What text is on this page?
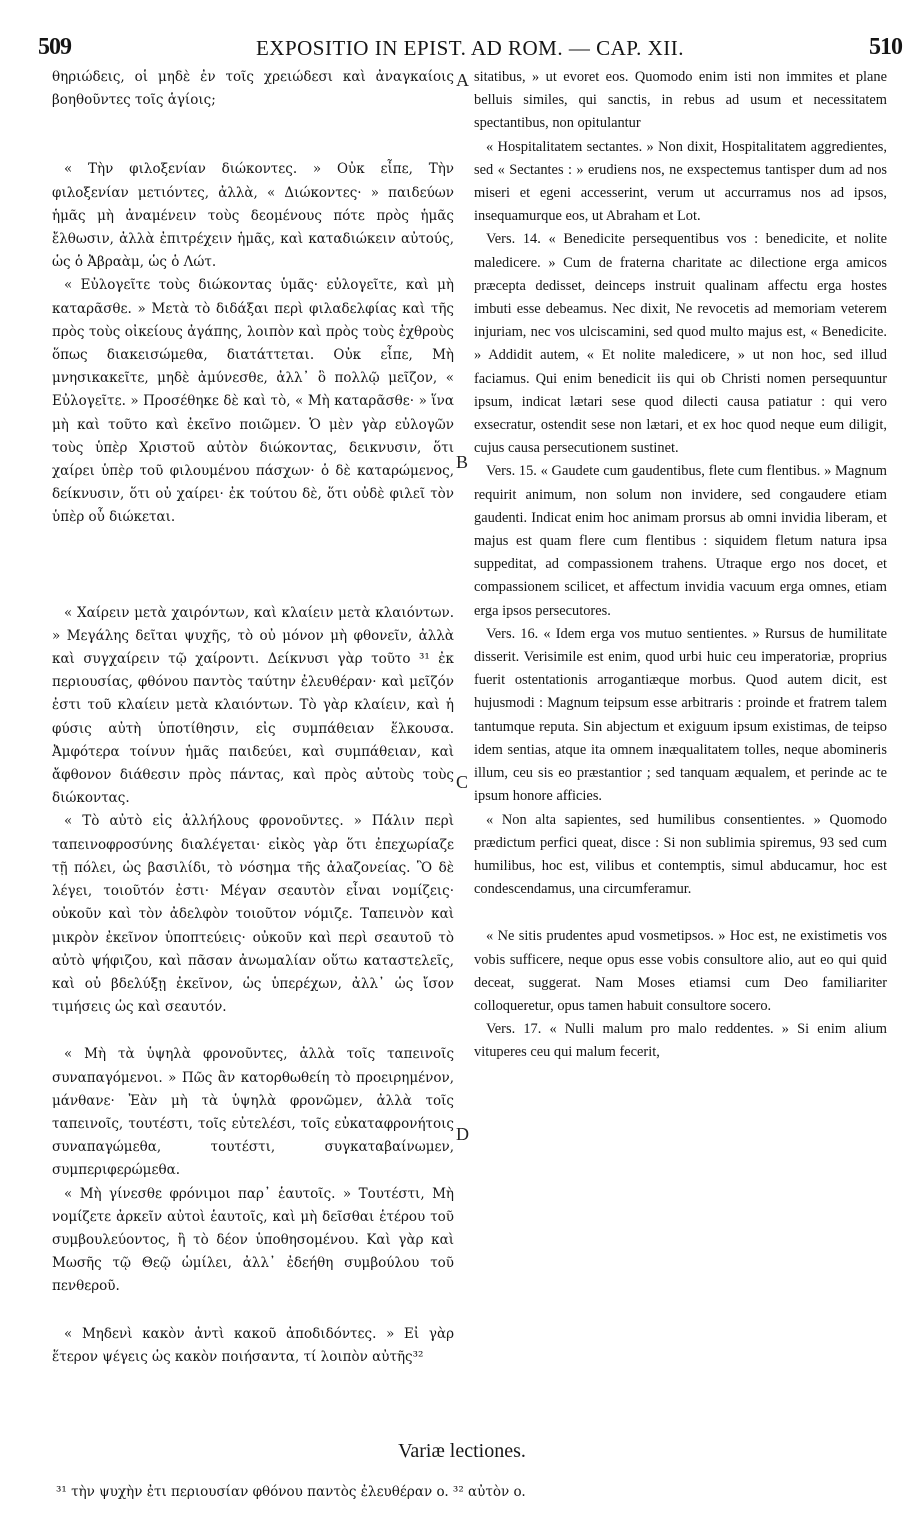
509	EXPOSITIO IN EPIST. AD ROM. — CAP. XII.	510

θηριώδεις, οἱ μηδὲ ἐν τοῖς χρειώδεσι καὶ ἀναγκαίοις βοηθοῦντες τοῖς ἁγίοις;

« Τὴν φιλοξενίαν διώκοντες. » Οὐκ εἶπε, Τὴν φιλοξενίαν μετιόντες, ἀλλὰ, « Διώκοντες· » παιδεύων ἡμᾶς μὴ ἀναμένειν τοὺς δεομένους πότε πρὸς ἡμᾶς ἔλθωσιν, ἀλλὰ ἐπιτρέχειν ἡμᾶς, καὶ καταδιώκειν αὐτούς, ὡς ὁ Ἀβραὰμ, ὡς ὁ Λώτ.

« Εὐλογεῖτε τοὺς διώκοντας ὑμᾶς· εὐλογεῖτε, καὶ μὴ καταρᾶσθε. » Μετὰ τὸ διδάξαι περὶ φιλαδελφίας καὶ τῆς πρὸς τοὺς οἰκείους ἀγάπης, λοιπὸν καὶ πρὸς τοὺς ἐχθροὺς ὅπως διακεισώμεθα, διατάττεται. Οὐκ εἶπε, Μὴ μνησικακεῖτε, μηδὲ ἀμύνεσθε, ἀλλ᾽ ὃ πολλῷ μεῖζον, « Εὐλογεῖτε. » Προσέθηκε δὲ καὶ τὸ, « Μὴ καταρᾶσθε· » ἵνα μὴ καὶ τοῦτο καὶ ἐκεῖνο ποιῶμεν. Ὁ μὲν γὰρ εὐλογῶν τοὺς ὑπὲρ Χριστοῦ αὐτὸν διώκοντας, δεικνυσιν, ὅτι χαίρει ὑπὲρ τοῦ φιλουμένου πάσχων· ὁ δὲ καταρώμενος, δείκνυσιν, ὅτι οὐ χαίρει· ἐκ τούτου δὲ, ὅτι οὐδὲ φιλεῖ τὸν ὑπὲρ οὗ διώκεται.

« Χαίρειν μετὰ χαιρόντων, καὶ κλαίειν μετὰ κλαιόντων. » Μεγάλης δεῖται ψυχῆς, τὸ οὐ μόνον μὴ φθονεῖν, ἀλλὰ καὶ συγχαίρειν τῷ χαίροντι. Δείκνυσι γὰρ τοῦτο ³¹ ἐκ περιουσίας, φθόνου παντὸς ταύτην ἐλευθέραν· καὶ μεῖζόν ἐστι τοῦ κλαίειν μετὰ κλαιόντων. Τὸ γὰρ κλαίειν, καὶ ἡ φύσις αὐτὴ ὑποτίθησιν, εἰς συμπάθειαν ἕλκουσα. Ἀμφότερα τοίνυν ἡμᾶς παιδεύει, καὶ συμπάθειαν, καὶ ἄφθονον διάθεσιν πρὸς πάντας, καὶ πρὸς αὐτοὺς τοὺς διώκοντας.

« Τὸ αὐτὸ εἰς ἀλλήλους φρονοῦντες. » Πάλιν περὶ ταπεινοφροσύνης διαλέγεται· εἰκὸς γὰρ ὅτι ἐπεχωρίαζε τῇ πόλει, ὡς βασιλίδι, τὸ νόσημα τῆς ἀλαζονείας. Ὃ δὲ λέγει, τοιοῦτόν ἐστι· Μέγαν σεαυτὸν εἶναι νομίζεις· οὐκοῦν καὶ τὸν ἀδελφὸν τοιοῦτον νόμιζε. Ταπεινὸν καὶ μικρὸν ἐκεῖνον ὑποπτεύεις· οὐκοῦν καὶ περὶ σεαυτοῦ τὸ αὐτὸ ψήφιζου, καὶ πᾶσαν ἀνωμαλίαν οὕτω καταστελεῖς, καὶ οὐ βδελύξῃ ἐκεῖνον, ὡς ὑπερέχων, ἀλλ᾽ ὡς ἴσον τιμήσεις ὡς καὶ σεαυτόν.

« Μὴ τὰ ὑψηλὰ φρονοῦντες, ἀλλὰ τοῖς ταπεινοῖς συναπαγόμενοι. » Πῶς ἂν κατορθωθείη τὸ προειρημένον, μάνθανε· Ἐὰν μὴ τὰ ὑψηλὰ φρονῶμεν, ἀλλὰ τοῖς ταπεινοῖς, τουτέστι, τοῖς εὐτελέσι, τοῖς εὐκαταφρονήτοις συναπαγώμεθα, τουτέστι, συγκαταβαίνωμεν, συμπεριφερώμεθα.

« Μὴ γίνεσθε φρόνιμοι παρ᾽ ἑαυτοῖς. » Τουτέστι, Μὴ νομίζετε ἀρκεῖν αὐτοὶ ἑαυτοῖς, καὶ μὴ δεῖσθαι ἑτέρου τοῦ συμβουλεύοντος, ἢ τὸ δέον ὑποθησομένου. Καὶ γὰρ καὶ Μωσῆς τῷ Θεῷ ὡμίλει, ἀλλ᾽ ἐδεήθη συμβούλου τοῦ πενθεροῦ.

« Μηδενὶ κακὸν ἀντὶ κακοῦ ἀποδιδόντες. » Εἰ γὰρ ἕτερον ψέγεις ὡς κακὸν ποιήσαντα, τί λοιπὸν αὐτῆς³²

A
B
C
D

sitatibus, » ut evoret eos. Quomodo enim isti non immites et plane belluis similes, qui sanctis, in rebus ad usum et necessitatem spectantibus, non opitulantur

« Hospitalitatem sectantes. » Non dixit, Hospitalitatem aggredientes, sed « Sectantes : » erudiens nos, ne exspectemus tantisper dum ad nos miseri et egeni accesserint, verum ut accurramus nos ad ipsos, insequamurque eos, ut Abraham et Lot.

Vers. 14. « Benedicite persequentibus vos : benedicite, et nolite maledicere. » Cum de fraterna charitate ac dilectione erga amicos præcepta dedisset, deinceps instruit qualinam affectu erga hostes imbuti esse debeamus. Nec dixit, Ne revocetis ad memoriam veterem injuriam, nec vos ulciscamini, sed quod multo majus est, « Benedicite. » Addidit autem, « Et nolite maledicere, » ut non hoc, sed illud faciamus. Qui enim benedicit iis qui ob Christi nomen persequuntur ipsum, indicat lætari sese quod dilecti causa patiatur : qui vero exsecratur, ostendit sese non lætari, et ex hoc quod neque eum diligit, cujus causa persecutionem sustinet.

Vers. 15. « Gaudete cum gaudentibus, flete cum flentibus. » Magnum requirit animum, non solum non invidere, sed congaudere etiam gaudenti. Indicat enim hoc animam prorsus ab omni invidia liberam, et majus est quam flere cum flentibus : siquidem fletum natura ipsa suppeditat, ad compassionem trahens. Utraque ergo nos docet, et compassionem scilicet, et affectum invidia vacuum erga omnes, etiam erga ipsos persecutores.

Vers. 16. « Idem erga vos mutuo sentientes. » Rursus de humilitate disserit. Verisimile est enim, quod urbi huic ceu imperatoriæ, proprius fuerit ostentationis arrogantiæque morbus. Quod autem dicit, est hujusmodi : Magnum teipsum esse arbitraris : proinde et fratrem talem tantumque reputa. Sin abjectum et exiguum ipsum existimas, de teipso idem sentias, atque ita omnem inæqualitatem tolles, neque abomineris illum, ceu sis eo præstantior ; sed tanquam æqualem, et perinde ac te ipsum honore afficies.

« Non alta sapientes, sed humilibus consentientes. » Quomodo prædictum perfici queat, disce : Si non sublimia spiremus, 93 sed cum humilibus, hoc est, vilibus et contemptis, simul abducamur, hoc est condescendamus, una circumferamur.

« Ne sitis prudentes apud vosmetipsos. » Hoc est, ne existimetis vos vobis sufficere, neque opus esse vobis consultore alio, aut eo qui quid deceat, suggerat. Nam Moses etiamsi cum Deo familiariter colloqueretur, opus tamen habuit consultore socero.

Vers. 17. « Nulli malum pro malo reddentes. » Si enim alium vituperes ceu qui malum fecerit,

Variæ lectiones.
³¹ τὴν ψυχὴν ἐτι περιουσίαν φθόνου παντὸς ἐλευθέραν o. ³² αὐτὸν o.
